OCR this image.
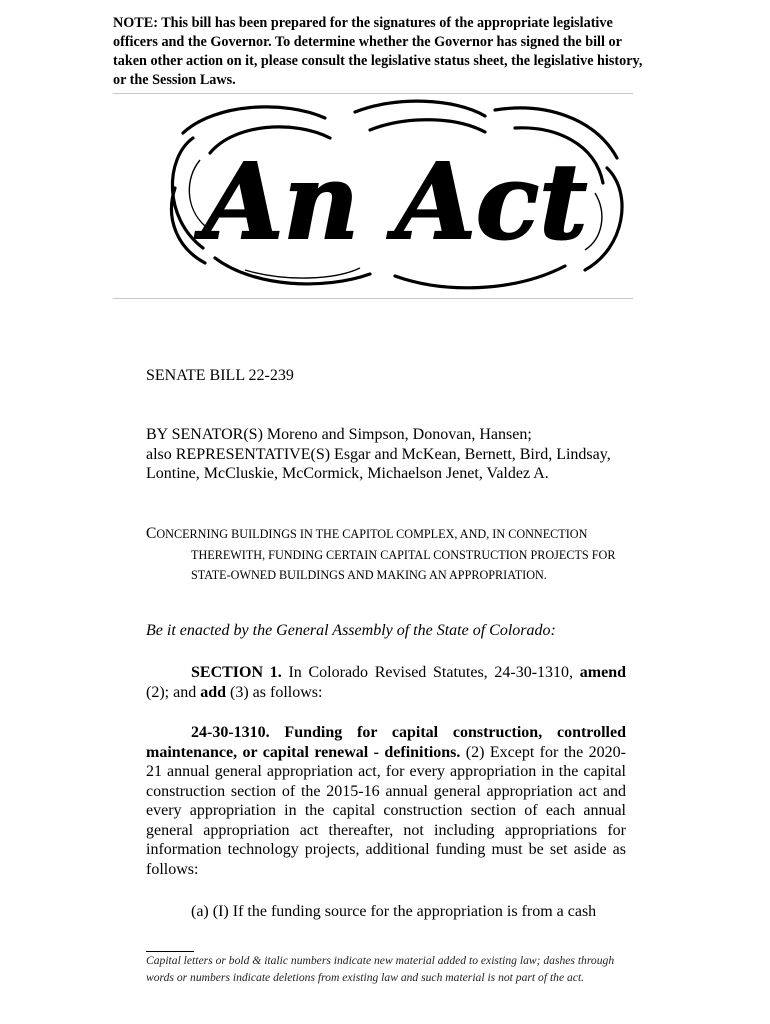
NOTE: This bill has been prepared for the signatures of the appropriate legislative officers and the Governor. To determine whether the Governor has signed the bill or taken other action on it, please consult the legislative status sheet, the legislative history, or the Session Laws.

An Act

SENATE BILL 22-239

BY SENATOR(S) Moreno and Simpson, Donovan, Hansen;
also REPRESENTATIVE(S) Esgar and McKean, Bernett, Bird, Lindsay, Lontine, McCluskie, McCormick, Michaelson Jenet, Valdez A.

CONCERNING BUILDINGS IN THE CAPITOL COMPLEX, AND, IN CONNECTION THEREWITH, FUNDING CERTAIN CAPITAL CONSTRUCTION PROJECTS FOR STATE-OWNED BUILDINGS AND MAKING AN APPROPRIATION.

Be it enacted by the General Assembly of the State of Colorado:

SECTION 1. In Colorado Revised Statutes, 24-30-1310, amend (2); and add (3) as follows:

24-30-1310. Funding for capital construction, controlled maintenance, or capital renewal - definitions. (2) Except for the 2020-21 annual general appropriation act, for every appropriation in the capital construction section of the 2015-16 annual general appropriation act and every appropriation in the capital construction section of each annual general appropriation act thereafter, not including appropriations for information technology projects, additional funding must be set aside as follows:

(a) (I) If the funding source for the appropriation is from a cash

Capital letters or bold & italic numbers indicate new material added to existing law; dashes through words or numbers indicate deletions from existing law and such material is not part of the act.
